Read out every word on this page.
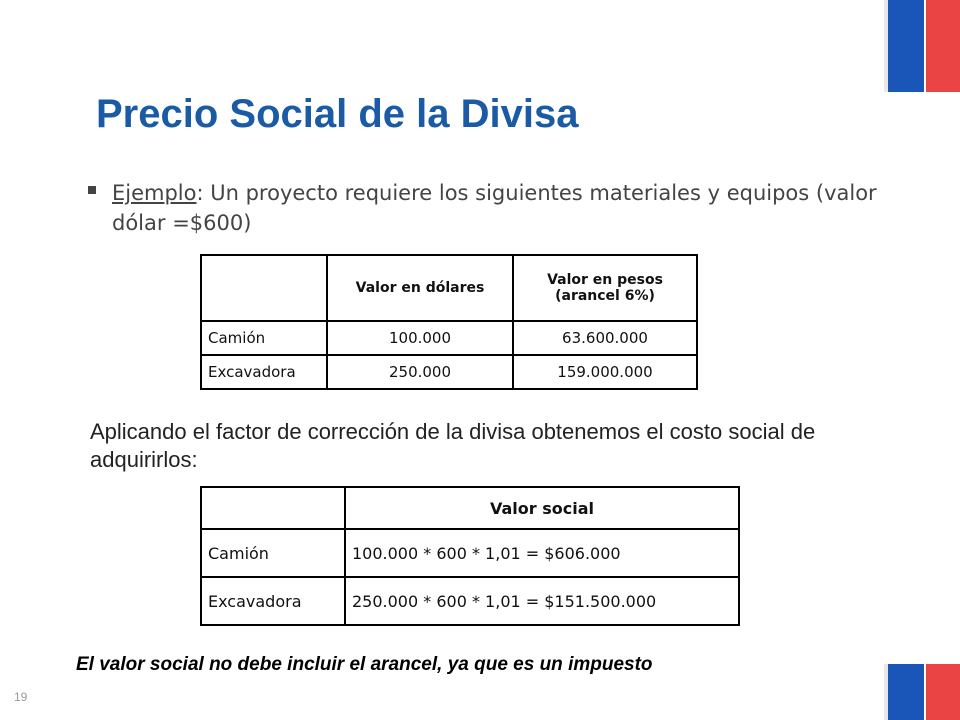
Precio Social de la Divisa
Ejemplo: Un proyecto requiere los siguientes materiales y equipos (valor dólar =$600)
	Valor en dólares	Valor en pesos (arancel 6%)
Camión	100.000	63.600.000
Excavadora	250.000	159.000.000
Aplicando el factor de corrección de la divisa obtenemos el costo social de adquirirlos:
	Valor social
Camión	100.000 * 600 * 1,01 = $606.000
Excavadora	250.000 * 600 * 1,01 = $151.500.000
El valor social no debe incluir el arancel, ya que es un impuesto
19
